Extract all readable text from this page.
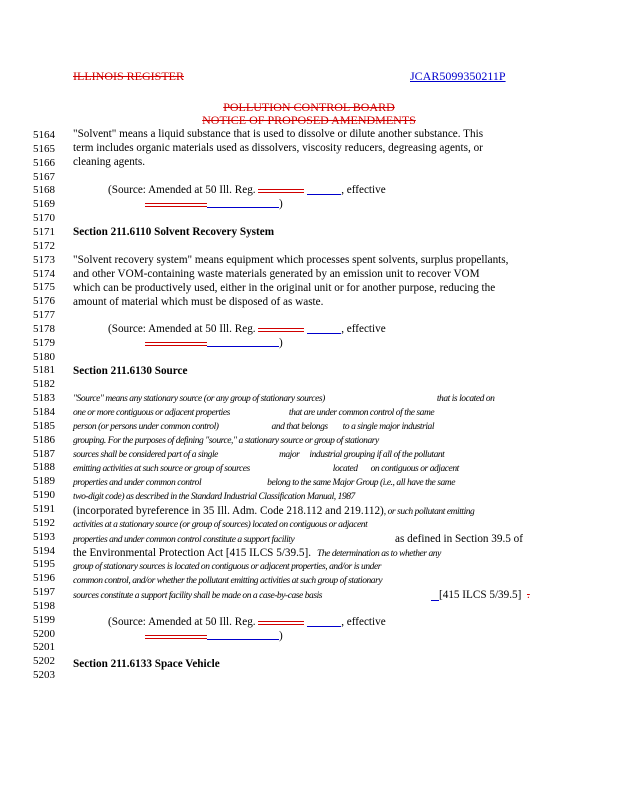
ILLINOIS REGISTER	JCAR5099350211P
POLLUTION CONTROL BOARD
NOTICE OF PROPOSED AMENDMENTS
5164
5165
5166
5167
5168
5169
5170
5171
5172
5173
5174
5175
5176
5177
5178
5179
5180
5181
5182
5183
5184
5185
5186
5187
5188
5189
5190
5191
5192
5193
5194
5195
5196
5197
5198
5199
5200
5201
5202
5203
"Solvent" means a liquid substance that is used to dissolve or dilute another substance. This
term includes organic materials used as dissolvers, viscosity reducers, degreasing agents, or
cleaning agents.
(Source: Amended at 50 Ill. Reg.	, effective
)
Section 211.6110 Solvent Recovery System
"Solvent recovery system" means equipment which processes spent solvents, surplus propellants,
and other VOM-containing waste materials generated by an emission unit to recover VOM
which can be productively used, either in the original unit or for another purpose, reducing the
amount of material which must be disposed of as waste.
(Source: Amended at 50 Ill. Reg.	, effective
)
Section 211.6130 Source
"Source" means any stationary source (or any group of stationary sources)	that is located on
one or more contiguous or adjacent properties	that are under common control of the same
person (or persons under common control)	and that belongs to a single major industrial
grouping. For the purposes of defining "source," a stationary source or group of stationary
sources shall be considered part of a single	major industrial grouping if all of the pollutant
emitting activities at such source or group of sources	located on contiguous or adjacent
properties and under common control	belong to the same Major Group (i.e., all have the same
two-digit code) as described in the Standard Industrial Classification Manual, 1987
(incorporated byreference in 35 Ill. Adm. Code 218.112 and 219.112), or such pollutant emitting
activities at a stationary source (or group of sources) located on contiguous or adjacent
properties and under common control constitute a support facility	as defined in Section 39.5 of
the Environmental Protection Act [415 ILCS 5/39.5]. The determination as to whether any
group of stationary sources is located on contiguous or adjacent properties, and/or is under
common control, and/or whether the pollutant emitting activities at such group of stationary
sources constitute a support facility shall be made on a case-by-case basis	[415 ILCS 5/39.5] .
(Source: Amended at 50 Ill. Reg.	, effective
)
Section 211.6133 Space Vehicle
